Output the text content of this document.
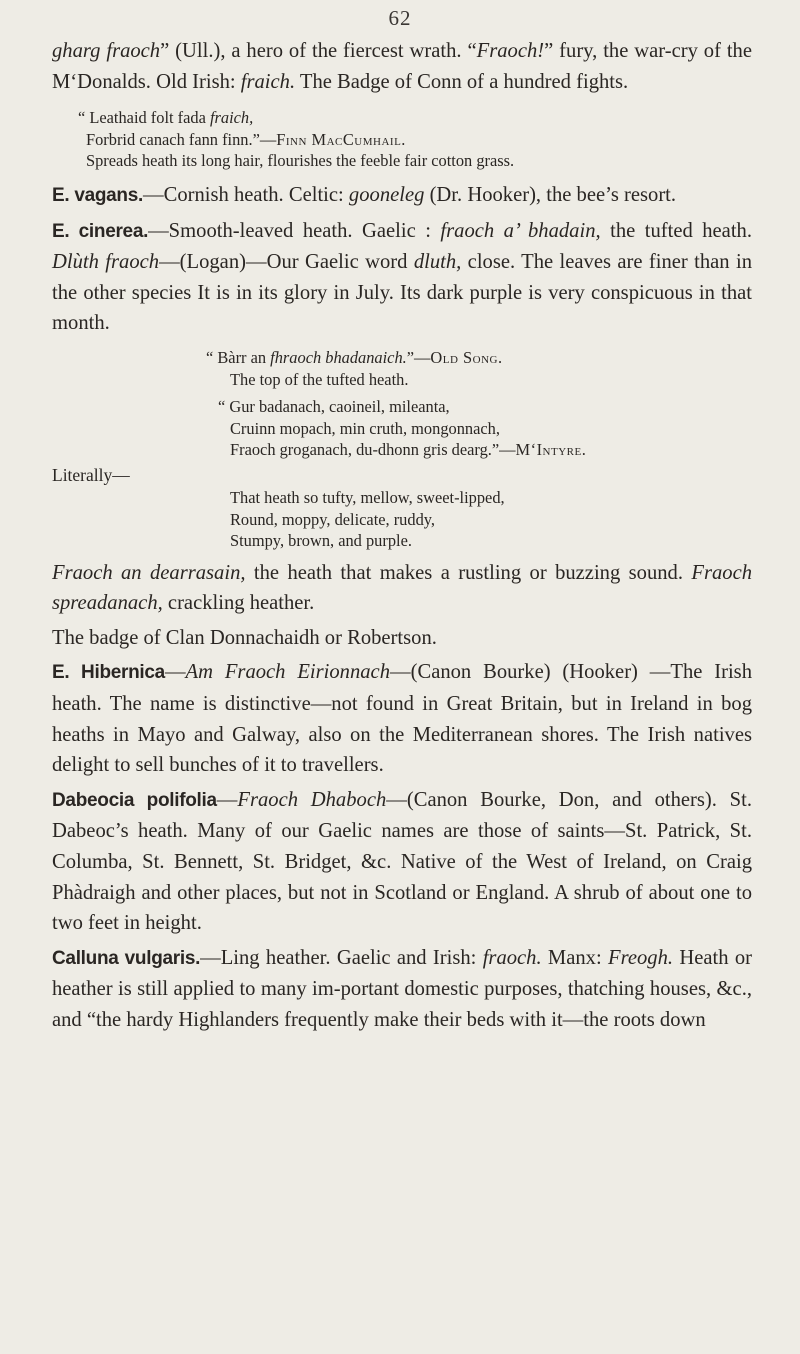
62

gharg fraoch” (Ull.), a hero of the fiercest wrath. “Fraoch!” fury, the war-cry of the M‘Donalds. Old Irish: fraich. The Badge of Conn of a hundred fights.

“ Leathaid folt fada fraich,
Forbrid canach fann finn.”—Finn MacCumhail.
Spreads heath its long hair, flourishes the feeble fair cotton grass.

E. vagans.—Cornish heath. Celtic: gooneleg (Dr. Hooker), the bee’s resort.

E. cinerea.—Smooth-leaved heath. Gaelic : fraoch a’ bhadain, the tufted heath. Dlùth fraoch—(Logan)—Our Gaelic word dluth, close. The leaves are finer than in the other species It is in its glory in July. Its dark purple is very conspicuous in that month.

“ Bàrr an fhraoch bhadanaich.”—Old Song.
The top of the tufted heath.
“ Gur badanach, caoineil, mileanta,
Cruinn mopach, min cruth, mongonnach,
Fraoch groganach, du-dhonn gris dearg.”—M‘Intyre.
Literally—
That heath so tufty, mellow, sweet-lipped,
Round, moppy, delicate, ruddy,
Stumpy, brown, and purple.

Fraoch an dearrasain, the heath that makes a rustling or buzzing sound. Fraoch spreadanach, crackling heather.

The badge of Clan Donnachaidh or Robertson.

E. Hibernica—Am Fraoch Eirionnach—(Canon Bourke) (Hooker) —The Irish heath. The name is distinctive—not found in Great Britain, but in Ireland in bog heaths in Mayo and Galway, also on the Mediterranean shores. The Irish natives delight to sell bunches of it to travellers.

Dabeocia polifolia—Fraoch Dhaboch—(Canon Bourke, Don, and others). St. Dabeoc’s heath. Many of our Gaelic names are those of saints—St. Patrick, St. Columba, St. Bennett, St. Bridget, &c. Native of the West of Ireland, on Craig Phàdraigh and other places, but not in Scotland or England. A shrub of about one to two feet in height.

Calluna vulgaris.—Ling heather. Gaelic and Irish: fraoch. Manx: Freogh. Heath or heather is still applied to many im-portant domestic purposes, thatching houses, &c., and “the hardy Highlanders frequently make their beds with it—the roots down
